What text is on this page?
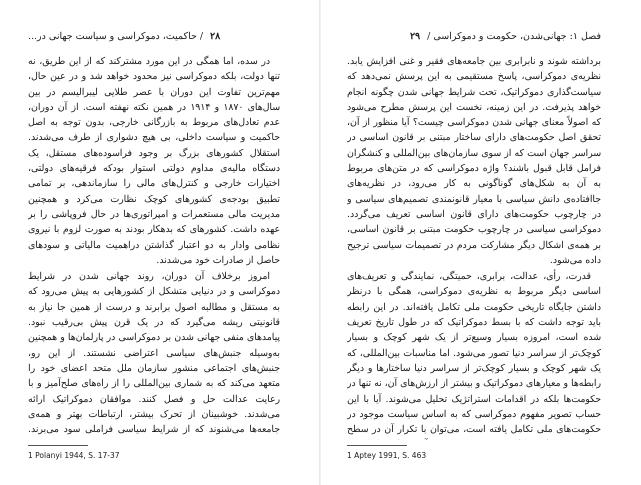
٢٨/حاکمیت، دموکراسی و سیاست جهانی در...

در سده، اما همگی در این مورد مشترکند که از این طریق، نه تنها دولت، بلکه دموکراسی نیز محدود خواهد شد و در عین حال، مهم‌ترین تفاوت این دوران با عصر طلایی لیبرالیسم در بین سال‌های ۱۸۷۰ و ۱۹۱۴ در همین نکته نهفته است. از آن دوران، عدم تعادل‌های مربوط به بازرگانی خارجی، بدون توجه به اصل حاکمیت و سیاست داخلی، بی هیچ دشواری از طرف می‌شدند. استقلال کشورهای بزرگ بر وجود فراسوده‌های مستقل، یک دستگاه مالیه‌ی مداوم دولتی استوار بودکه فرقیه‌های دولتی، اختیارات خارجی و کنترل‌های مالی را سازماندهی، بر تمامی تطبیق بودجه‌ی کشورهای کوچک نظارت می‌کرد و همچنین مدیریت مالی مستعمرات و امپراتوری‌ها در حال فروپاشی را بر عهده داشت. کشورهای که بدهکار بودند به صورت لزوم با نیروی نظامی وادار به دو اعتبار گذاشتن دراهمیت مالیاتی و سودهای حاصل از صادرات خود می‌شدند.

امروز برخلاف آن دوران، روند جهانی شدن در شرایط دموکراسی و در دنیایی متشکل از کشورهایی به پیش می‌رود که به مستقل و مطالبه اصول برابرند و درست از همین جا نیاز به قانونیتی ریشه می‌گیرد که در یک قرن پیش بی‌رقیب نبود. پیامدهای منفی جهانی شدن بر دموکراسی در پارلمان‌ها و همچنین به‌وسیله جنبش‌های سیاسی اعتراضی نشستند. از این رو، جنبش‌های اجتماعی منشور سازمان ملل متحد اعضای خود را متعهد می‌کند که به شماری بین‌المللی را از راه‌های صلح‌آمیز و با رعایت عدالت حل و فصل کنند. موافقان دموکراتیک ارائه می‌شدند. خوشبینان از تحرک بیشتر، ارتباطات بهتر و همه‌ی جامعه‌ها می‌شنوند که از شرایط سیاسی فراملی سود می‌برند.

1 Polanyi 1944, S. 17-37
فصل ۱: جهانی‌شدن، حکومت و دموکراسی/٢٩

برداشته شوند و نابرابری بین جامعه‌های فقیر و غنی افزایش یابد. نظریه‌ی دموکراسی، پاسخ مستقیمی به این پرسش نمی‌دهد که سیاست‌گذاری دموکراتیک، تحت شرایط جهانی شدن چگونه انجام خواهد پذیرفت. در این زمینه، نخست این پرسش مطرح می‌شود که اصولاً معنای جهانی شدن دموکراسی چیست؟ آیا منظور از آن، تحقق اصل حکومت‌های دارای ساختار مبتنی بر قانون اساسی در سراسر جهان است که از سوی سازمان‌های بین‌المللی و کنشگران فرامل قابل قبول باشند؟ واژه دموکراسی که در متن‌های مربوط به آن به شکل‌های گوناگونی به کار می‌رود، در نظریه‌های جاافتاده‌ی دانش سیاسی با معیار قانونمندی تصمیم‌های سیاسی و در چارچوب حکومت‌های دارای قانون اساسی تعریف می‌گردد. دموکراسی سیاسی در چارچوب حکومت مبتنی بر قانون اساسی، بر همه‌ی اشکال دیگر مشارکت مردم در تصمیمات سیاسی ترجیح داده می‌شود.

قدرت، رأی، عدالت، برابری، حمیتگی، نمایندگی و تعریف‌های اساسی دیگر مربوط به نظریه‌ی دموکراسی، همگی با درنظر داشتن جایگاه تاریخی حکومت ملی تکامل یافته‌اند. در این رابطه باید توجه داشت که با بسط دموکراتیک که در طول تاریخ تعریف شده است، امروزه بسیار وسیع‌تر از یک شهر کوچک و بسیار کوچک‌تر از سراسر دنیا تصور می‌شود. اما مناسبات بین‌المللی، که یک شهر کوچک و بسیار کوچک‌تر از سراسر دنیا ساختارها و دیگر رابطه‌ها و معیارهای دموکراتیک و بیشتر از ارزش‌های آن، نه تنها در حکومت‌ها بلکه در اقدامات استراتژیک تحلیل می‌شوند. آیا با این حساب تصویر مفهوم دموکراسی که به اساس سیاست موجود در حکومت‌های ملی تکامل یافته است، می‌توان با تکرار آن در سطح

1 Aptey 1991, S. 463
